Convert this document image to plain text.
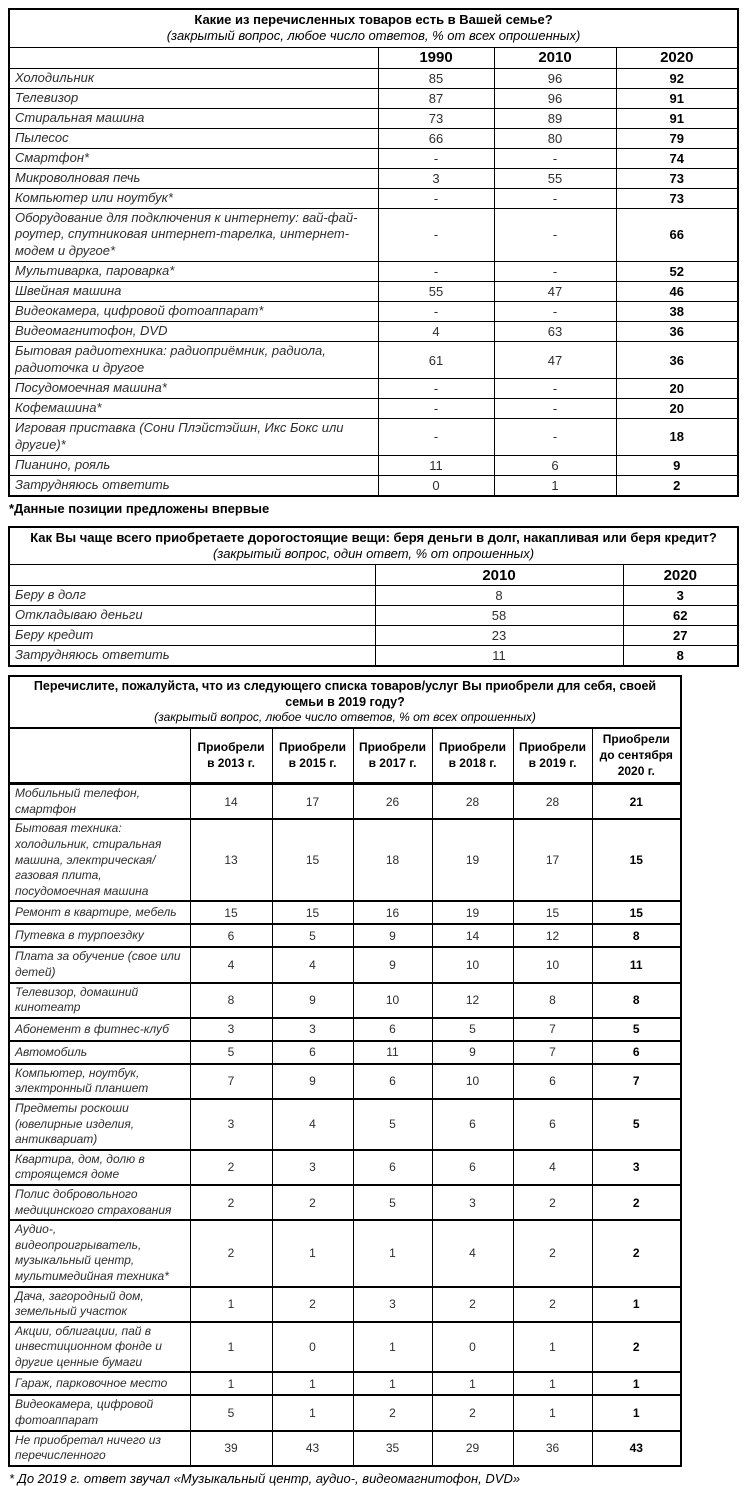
Какие из перечисленных товаров есть в Вашей семье?
(закрытый вопрос, любое число ответов, % от всех опрошенных)			

	1990	2010	2020
Холодильник	85	96	92
Телевизор	87	96	91
Стиральная машина	73	89	91
Пылесос	66	80	79
Смартфон*	-	-	74
Микроволновая печь	3	55	73
Компьютер или ноутбук*	-	-	73
Оборудование для подключения к интернету: вай-фай-роутер, спутниковая интернет-тарелка, интернет-модем и другое*	-	-	66
Мультиварка, пароварка*	-	-	52
Швейная машина	55	47	46
Видеокамера, цифровой фотоаппарат*	-	-	38
Видеомагнитофон, DVD	4	63	36
Бытовая радиотехника: радиоприёмник, радиола, радиоточка и другое	61	47	36
Посудомоечная машина*	-	-	20
Кофемашина*	-	-	20
Игровая приставка (Сони Плэйстэйшн, Икс Бокс или другие)*	-	-	18
Пианино, рояль	11	6	9
Затрудняюсь ответить	0	1	2
*Данные позиции предложены впервые
Как Вы чаще всего приобретаете дорогостоящие вещи: беря деньги в долг, накапливая или беря кредит?
(закрытый вопрос, один ответ, % от опрошенных)		

	2010	2020
Беру в долг	8	3
Откладываю деньги	58	62
Беру кредит	23	27
Затрудняюсь ответить	11	8
Перечислите, пожалуйста, что из следующего списка товаров/услуг Вы приобрели для себя, своей семьи в 2019 году?
(закрытый вопрос, любое число ответов, % от всех опрошенных)						

	Приобрели в 2013 г.	Приобрели в 2015 г.	Приобрели в 2017 г.	Приобрели в 2018 г.	Приобрели в 2019 г.	Приобрели до сентября 2020 г.
Мобильный телефон, смартфон	14	17	26	28	28	21
Бытовая техника: холодильник, стиральная машина, электрическая/газовая плита, посудомоечная машина	13	15	18	19	17	15
Ремонт в квартире, мебель	15	15	16	19	15	15
Путевка в турпоездку	6	5	9	14	12	8
Плата за обучение (свое или детей)	4	4	9	10	10	11
Телевизор, домашний кинотеатр	8	9	10	12	8	8
Абонемент в фитнес-клуб	3	3	6	5	7	5
Автомобиль	5	6	11	9	7	6
Компьютер, ноутбук, электронный планшет	7	9	6	10	6	7
Предметы роскоши (ювелирные изделия, антиквариат)	3	4	5	6	6	5
Квартира, дом, долю в строящемся доме	2	3	6	6	4	3
Полис добровольного медицинского страхования	2	2	5	3	2	2
Аудио-, видеопроигрыватель, музыкальный центр, мультимедийная техника*	2	1	1	4	2	2
Дача, загородный дом, земельный участок	1	2	3	2	2	1
Акции, облигации, пай в инвестиционном фонде и другие ценные бумаги	1	0	1	0	1	2
Гараж, парковочное место	1	1	1	1	1	1
Видеокамера, цифровой фотоаппарат	5	1	2	2	1	1
Не приобретал ничего из перечисленного	39	43	35	29	36	43
* До 2019 г. ответ звучал «Музыкальный центр, аудио-, видеомагнитофон, DVD»
